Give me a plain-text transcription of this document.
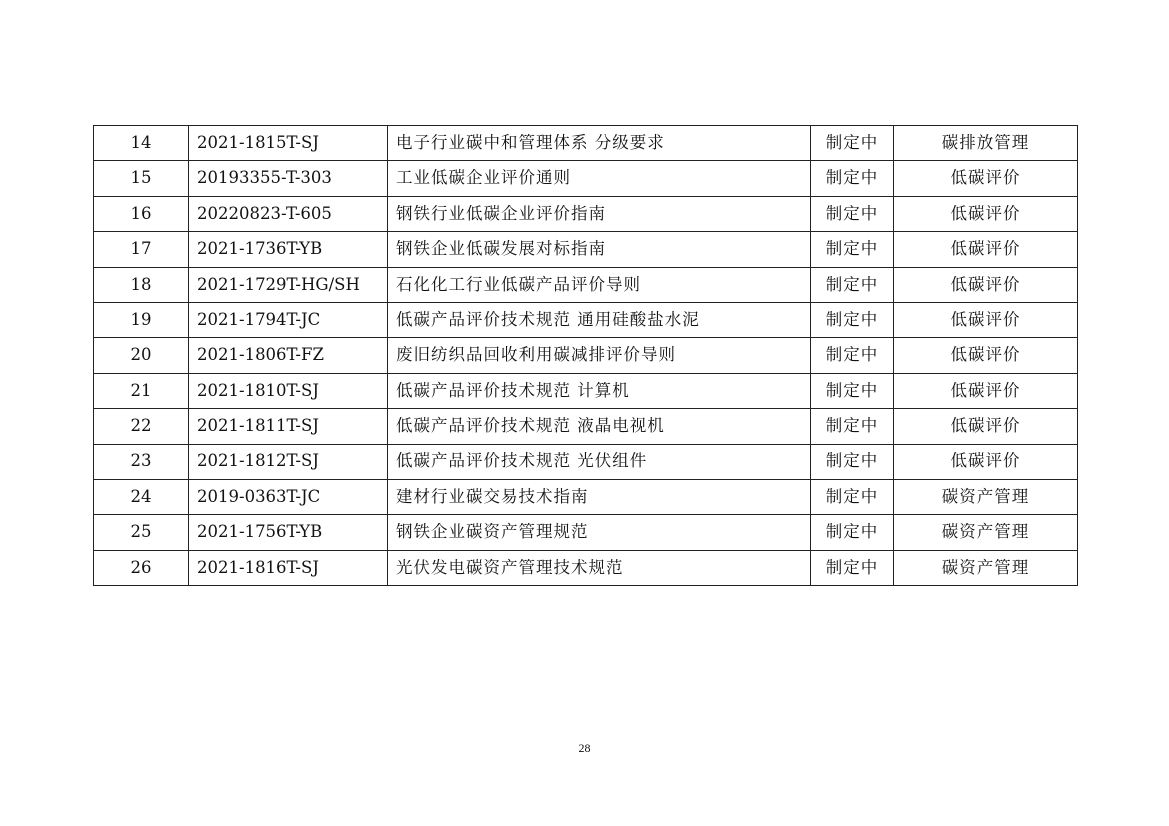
14	2021-1815T-SJ	电子行业碳中和管理体系 分级要求	制定中	碳排放管理
15	20193355-T-303	工业低碳企业评价通则	制定中	低碳评价
16	20220823-T-605	钢铁行业低碳企业评价指南	制定中	低碳评价
17	2021-1736T-YB	钢铁企业低碳发展对标指南	制定中	低碳评价
18	2021-1729T-HG/SH	石化化工行业低碳产品评价导则	制定中	低碳评价
19	2021-1794T-JC	低碳产品评价技术规范 通用硅酸盐水泥	制定中	低碳评价
20	2021-1806T-FZ	废旧纺织品回收利用碳减排评价导则	制定中	低碳评价
21	2021-1810T-SJ	低碳产品评价技术规范 计算机	制定中	低碳评价
22	2021-1811T-SJ	低碳产品评价技术规范 液晶电视机	制定中	低碳评价
23	2021-1812T-SJ	低碳产品评价技术规范 光伏组件	制定中	低碳评价
24	2019-0363T-JC	建材行业碳交易技术指南	制定中	碳资产管理
25	2021-1756T-YB	钢铁企业碳资产管理规范	制定中	碳资产管理
26	2021-1816T-SJ	光伏发电碳资产管理技术规范	制定中	碳资产管理
28
